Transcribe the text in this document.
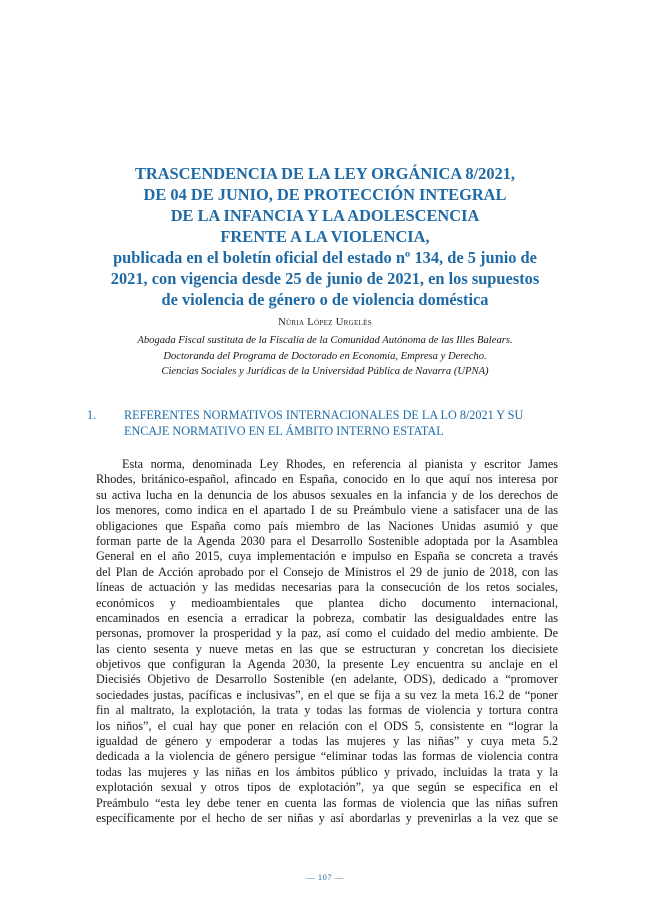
TRASCENDENCIA DE LA LEY ORGÁNICA 8/2021,
DE 04 DE JUNIO, DE PROTECCIÓN INTEGRAL
DE LA INFANCIA Y LA ADOLESCENCIA
FRENTE A LA VIOLENCIA,
publicada en el boletín oficial del estado nº 134, de 5 junio de
2021, con vigencia desde 25 de junio de 2021, en los supuestos
de violencia de género o de violencia doméstica
Núria López Urgelès
Abogada Fiscal sustituta de la Fiscalía de la Comunidad Autónoma de las Illes Balears.
Doctoranda del Programa de Doctorado en Economía, Empresa y Derecho.
Ciencias Sociales y Jurídicas de la Universidad Pública de Navarra (UPNA)
1. REFERENTES NORMATIVOS INTERNACIONALES DE LA LO 8/2021 Y SU
ENCAJE NORMATIVO EN EL ÁMBITO INTERNO ESTATAL
Esta norma, denominada Ley Rhodes, en referencia al pianista y escritor James
Rhodes, británico-español, afincado en España, conocido en lo que aquí nos interesa por
su activa lucha en la denuncia de los abusos sexuales en la infancia y de los derechos de
los menores, como indica en el apartado I de su Preámbulo viene a satisfacer una de las
obligaciones que España como país miembro de las Naciones Unidas asumió y que
forman parte de la Agenda 2030 para el Desarrollo Sostenible adoptada por la Asamblea
General en el año 2015, cuya implementación e impulso en España se concreta a través
del Plan de Acción aprobado por el Consejo de Ministros el 29 de junio de 2018, con las
líneas de actuación y las medidas necesarias para la consecución de los retos sociales,
económicos y medioambientales que plantea dicho documento internacional,
encaminados en esencia a erradicar la pobreza, combatir las desigualdades entre las
personas, promover la prosperidad y la paz, así como el cuidado del medio ambiente. De
las ciento sesenta y nueve metas en las que se estructuran y concretan los diecisiete
objetivos que configuran la Agenda 2030, la presente Ley encuentra su anclaje en el
Diecisiés Objetivo de Desarrollo Sostenible (en adelante, ODS), dedicado a “promover
sociedades justas, pacíficas e inclusivas”, en el que se fija a su vez la meta 16.2 de “poner
fin al maltrato, la explotación, la trata y todas las formas de violencia y tortura contra
los niños”, el cual hay que poner en relación con el ODS 5, consistente en “lograr la
igualdad de género y empoderar a todas las mujeres y las niñas” y cuya meta 5.2
dedicada a la violencia de género persigue “eliminar todas las formas de violencia contra
todas las mujeres y las niñas en los ámbitos público y privado, incluidas la trata y la
explotación sexual y otros tipos de explotación”, ya que según se especifica en el
Preámbulo “esta ley debe tener en cuenta las formas de violencia que las niñas sufren
específicamente por el hecho de ser niñas y así abordarlas y prevenirlas a la vez que se
— 107 —
